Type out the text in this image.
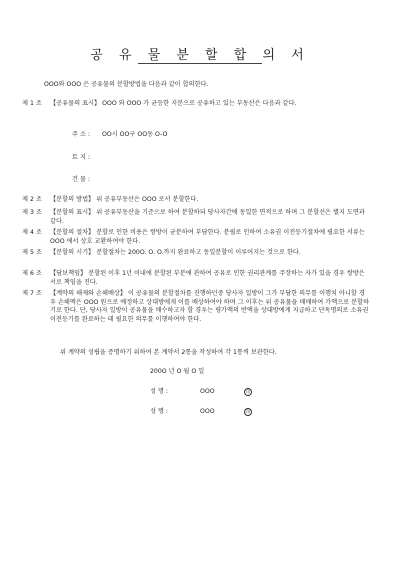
공 유 물 분 할 합 의 서
OOO와 OOO 은 공유물의 분할방법을 다음과 같이 합의한다.
제 1 조 【공유물의 표시】 OOO 와 OOO 가 균등한 지분으로 공유하고 있는 부동산은 다음과 같다.
주 소 : OO시 OO구 OO동 O-O
토 지 :
건 물 :
제 2 조 【분할의 방법】 위 공유부동산은 OOO 로서 분할한다.
제 3 조 【분할의 표시】 위 공유부동산을 기준으로 하여 분할하되 당사자간에 동일한 면적으로 하며 그 분할선은 별지 도면과 같다.
제 4 조 【분할의 절차】 분할로 인한 비용은 쌍방이 균분하여 부담한다. 분필로 인하여 소유권 이전등기절차에 필요한 서류는 OOO 에서 상호 교환하여야 한다.
제 5 조 【분할의 시기】 분할절차는 200O. O. O.까지 완료하고 동일분할이 이루어지는 것으로 한다.
제 6 조 【담보책임】 분할된 이후 1년 이내에 분할된 부분에 관하여 공유로 인한 권리관계를 주장하는 자가 있을 경우 쌍방은 서로 책임을 진다.
제 7 조 【계약의 해제와 손해배상】 이 공유물의 분할절차를 진행하던중 당사자 일방이 그가 부담한 의무를 이행치 아니할 경우 손해액은 OOO 원으로 예정하고 상대방에게 이를 배상하여야 하며 그 이후는 위 공유물을 매매하여 가액으로 분할하기로 한다. 단, 당사자 일방이 공유물을 매수하고자 할 경우는 평가액의 반액을 상대방에게 지급하고 단독명의로 소유권 이전등기를 완료하는 데 필요한 의무를 이행하여야 한다.
위 계약의 성립을 증명하기 위하여 본 계약서 2통을 작성하여 각 1통씩 보관한다.
200O 년 O 월 O 일
성 명 :	OOO	印
성 명 :	OOO	印
